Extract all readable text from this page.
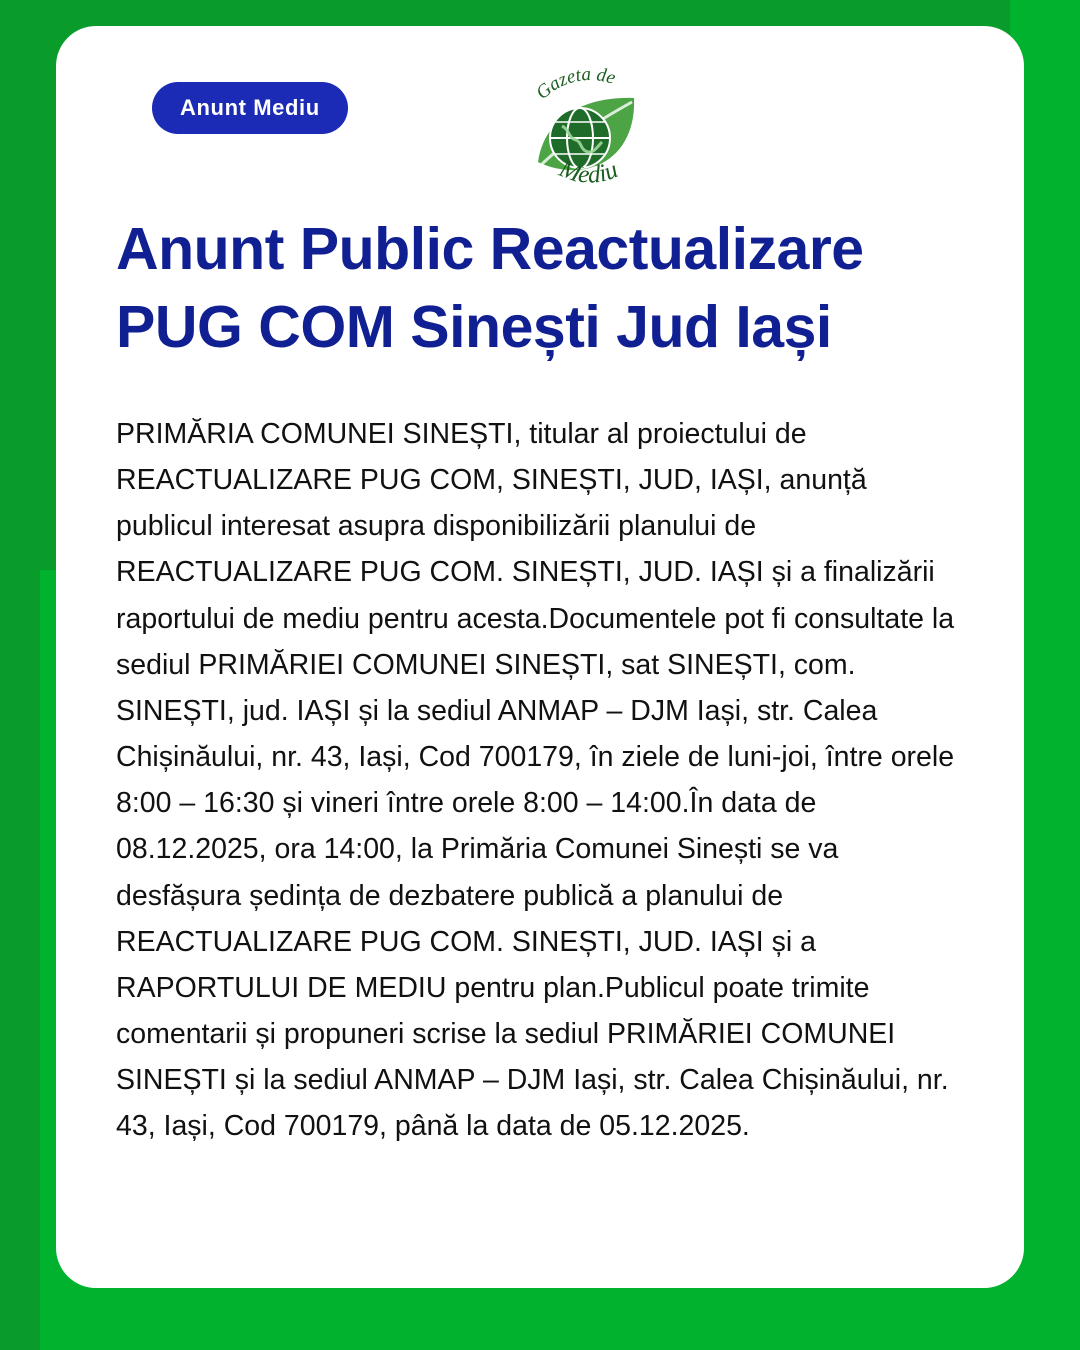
Anunt Mediu
Gazeta de
Mediu
Anunt Public Reactualizare PUG COM Sinești Jud Iași

PRIMĂRIA COMUNEI SINEȘTI, titular al proiectului de REACTUALIZARE PUG COM, SINEȘTI, JUD, IAȘI, anunță publicul interesat asupra disponibilizării planului de REACTUALIZARE PUG COM. SINEȘTI, JUD. IAȘI și a finalizării raportului de mediu pentru acesta.Documentele pot fi consultate la sediul PRIMĂRIEI COMUNEI SINEȘTI, sat SINEȘTI, com. SINEȘTI, jud. IAȘI și la sediul ANMAP – DJM Iași, str. Calea Chișinăului, nr. 43, Iași, Cod 700179, în ziele de luni-joi, între orele 8:00 – 16:30 și vineri între orele 8:00 – 14:00.În data de 08.12.2025, ora 14:00, la Primăria Comunei Sinești se va desfășura ședința de dezbatere publică a planului de REACTUALIZARE PUG COM. SINEȘTI, JUD. IAȘI și a RAPORTULUI DE MEDIU pentru plan.Publicul poate trimite comentarii și propuneri scrise la sediul PRIMĂRIEI COMUNEI SINEȘTI și la sediul ANMAP – DJM Iași, str. Calea Chișinăului, nr. 43, Iași, Cod 700179, până la data de 05.12.2025.
